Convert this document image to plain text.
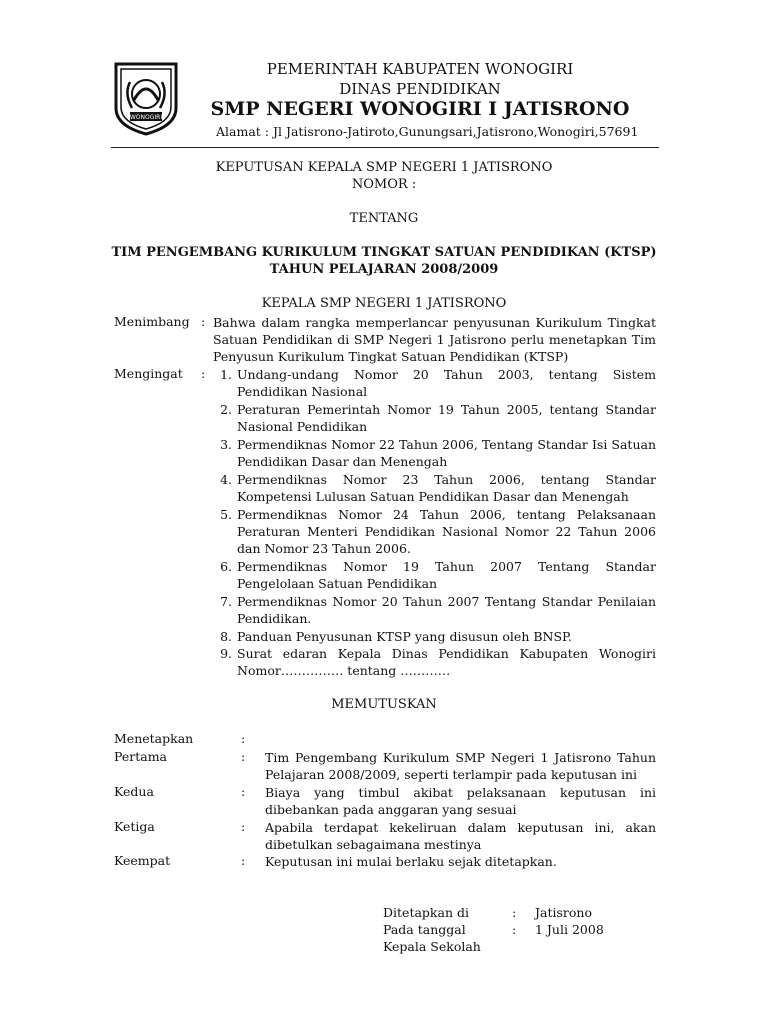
WONOGIRI
PEMERINTAH KABUPATEN WONOGIRI
DINAS PENDIDIKAN
SMP NEGERI WONOGIRI I JATISRONO
Alamat : Jl Jatisrono-Jatiroto,Gunungsari,Jatisrono,Wonogiri,57691
KEPUTUSAN KEPALA SMP NEGERI 1 JATISRONO
NOMOR :
TENTANG
TIM PENGEMBANG KURIKULUM TINGKAT SATUAN PENDIDIKAN (KTSP)
TAHUN PELAJARAN 2008/2009
KEPALA SMP NEGERI 1 JATISRONO
Menimbang : Bahwa dalam rangka memperlancar penyusunan Kurikulum Tingkat Satuan Pendidikan di SMP Negeri 1 Jatisrono perlu menetapkan Tim Penyusun Kurikulum Tingkat Satuan Pendidikan (KTSP)
Mengingat :	1. Undang-undang Nomor 20 Tahun 2003, tentang Sistem Pendidikan Nasional
2. Peraturan Pemerintah Nomor 19 Tahun 2005, tentang Standar Nasional Pendidikan
3. Permendiknas Nomor 22 Tahun 2006, Tentang Standar Isi Satuan Pendidikan Dasar dan Menengah
4. Permendiknas Nomor 23 Tahun 2006, tentang Standar Kompetensi Lulusan Satuan Pendidikan Dasar dan Menengah
5. Permendiknas Nomor 24 Tahun 2006, tentang Pelaksanaan Peraturan Menteri Pendidikan Nasional Nomor 22 Tahun 2006 dan Nomor 23 Tahun 2006.
6. Permendiknas Nomor 19 Tahun 2007 Tentang Standar Pengelolaan Satuan Pendidikan
7. Permendiknas Nomor 20 Tahun 2007 Tentang Standar Penilaian Pendidikan.
8. Panduan Penyusunan KTSP yang disusun oleh BNSP.
9. Surat edaran Kepala Dinas Pendidikan Kabupaten Wonogiri Nomor…………… tentang …………
MEMUTUSKAN
Menetapkan	:
Pertama	: Tim Pengembang Kurikulum SMP Negeri 1 Jatisrono Tahun Pelajaran 2008/2009, seperti terlampir pada keputusan ini
Kedua	: Biaya yang timbul akibat pelaksanaan keputusan ini dibebankan pada anggaran yang sesuai
Ketiga	: Apabila terdapat kekeliruan dalam keputusan ini, akan dibetulkan sebagaimana mestinya
Keempat	: Keputusan ini mulai berlaku sejak ditetapkan.
Ditetapkan di	: Jatisrono
Pada tanggal	: 1 Juli 2008
Kepala Sekolah
